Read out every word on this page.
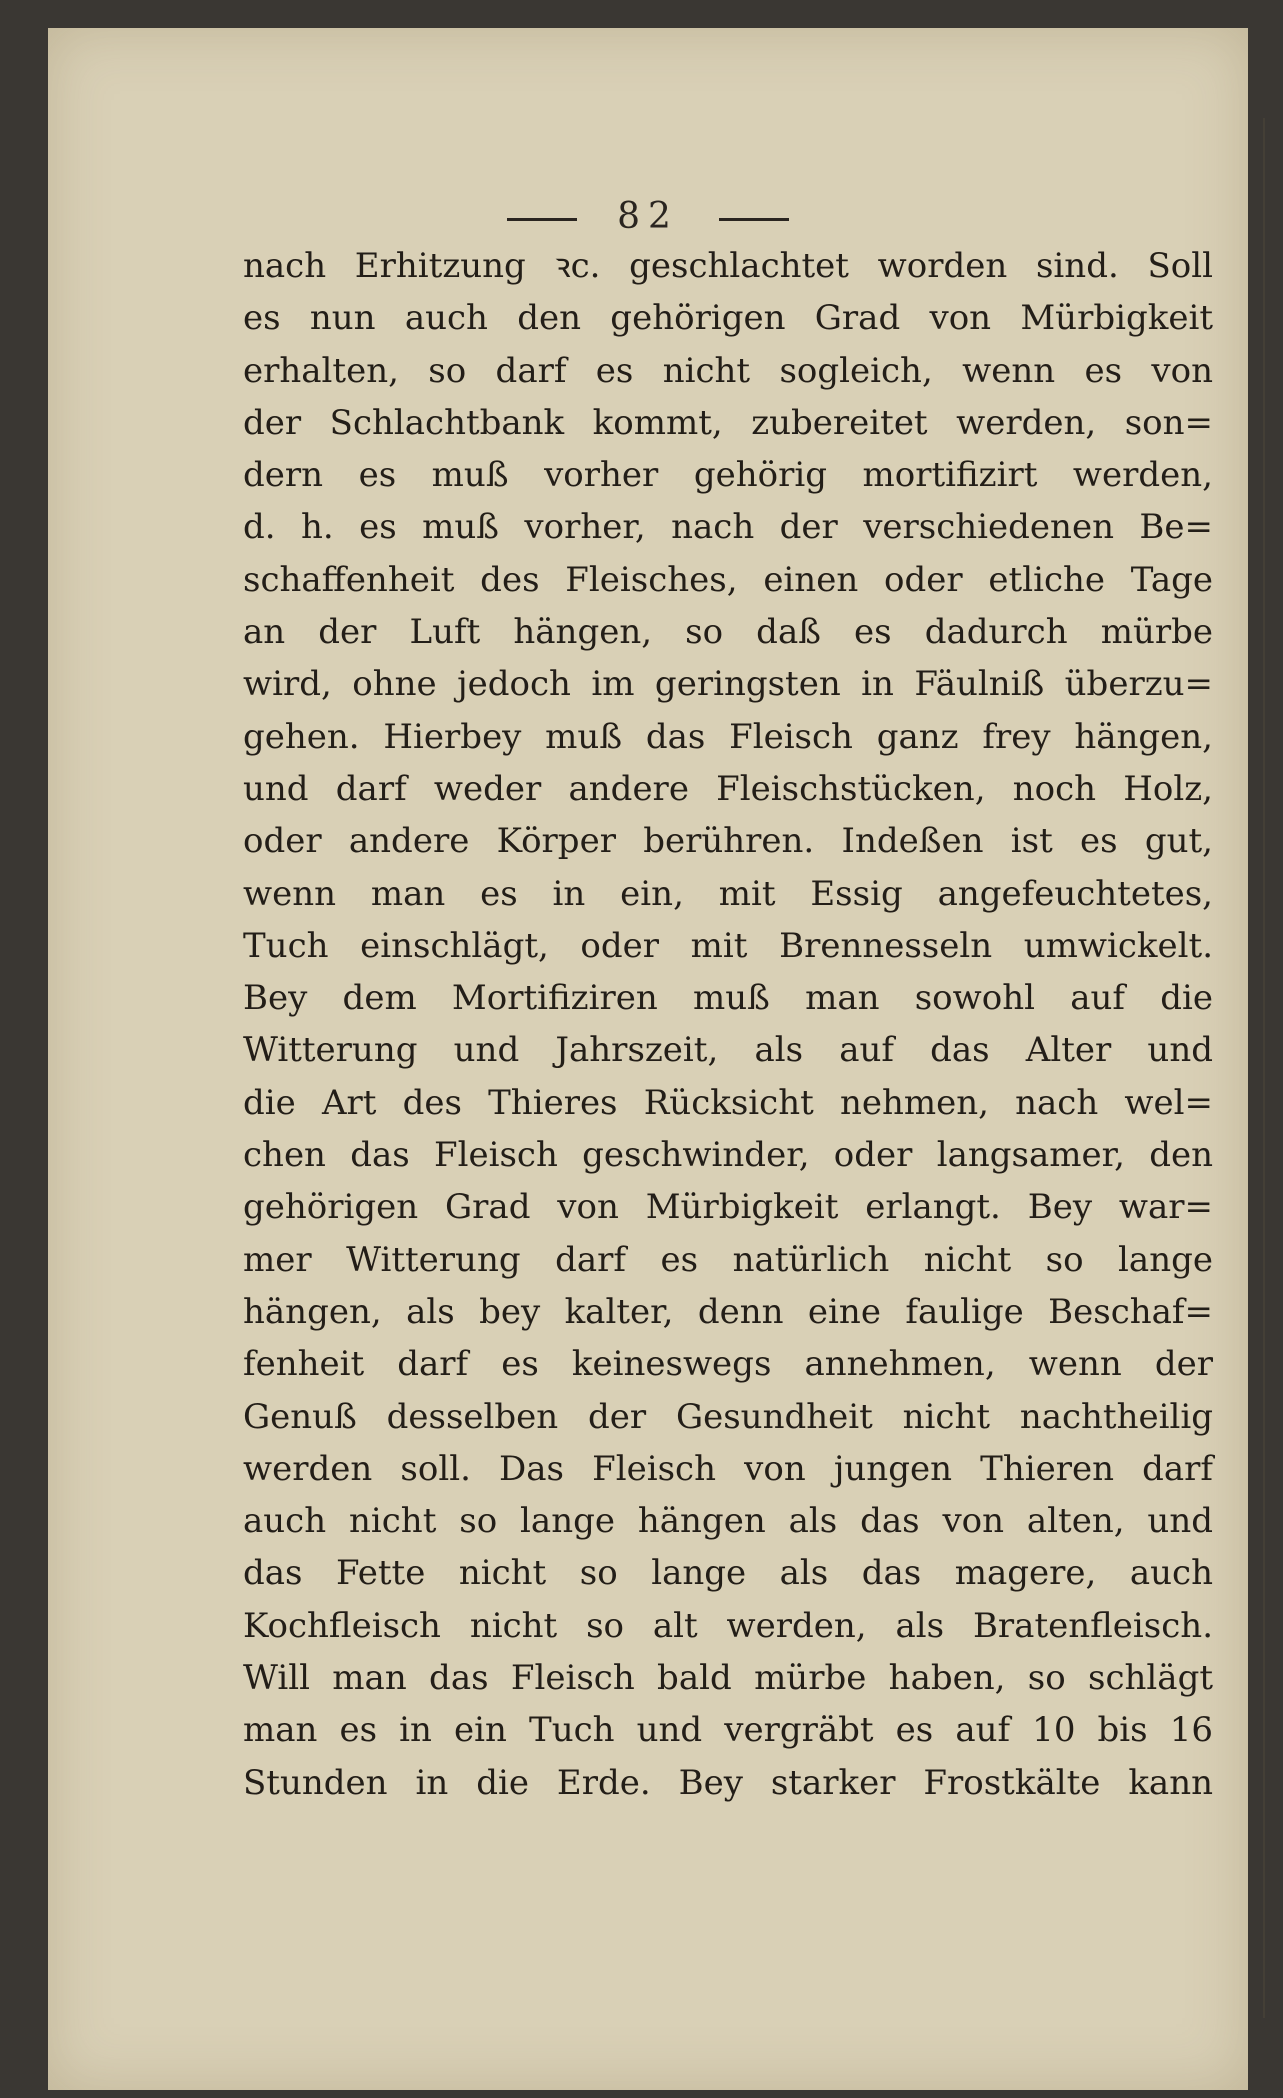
82
nach Erhitzung ꝛc. geschlachtet worden sind. Soll
es nun auch den gehörigen Grad von Mürbigkeit
erhalten, so darf es nicht sogleich, wenn es von
der Schlachtbank kommt, zubereitet werden, son=
dern es muß vorher gehörig mortifizirt werden,
d. h. es muß vorher, nach der verschiedenen Be=
schaffenheit des Fleisches, einen oder etliche Tage
an der Luft hängen, so daß es dadurch mürbe
wird, ohne jedoch im geringsten in Fäulniß überzu=
gehen. Hierbey muß das Fleisch ganz frey hängen,
und darf weder andere Fleischstücken, noch Holz,
oder andere Körper berühren. Indeßen ist es gut,
wenn man es in ein, mit Essig angefeuchtetes,
Tuch einschlägt, oder mit Brennesseln umwickelt.
Bey dem Mortifiziren muß man sowohl auf die
Witterung und Jahrszeit, als auf das Alter und
die Art des Thieres Rücksicht nehmen, nach wel=
chen das Fleisch geschwinder, oder langsamer, den
gehörigen Grad von Mürbigkeit erlangt. Bey war=
mer Witterung darf es natürlich nicht so lange
hängen, als bey kalter, denn eine faulige Beschaf=
fenheit darf es keineswegs annehmen, wenn der
Genuß desselben der Gesundheit nicht nachtheilig
werden soll. Das Fleisch von jungen Thieren darf
auch nicht so lange hängen als das von alten, und
das Fette nicht so lange als das magere, auch
Kochfleisch nicht so alt werden, als Bratenfleisch.
Will man das Fleisch bald mürbe haben, so schlägt
man es in ein Tuch und vergräbt es auf 10 bis 16
Stunden in die Erde. Bey starker Frostkälte kann
